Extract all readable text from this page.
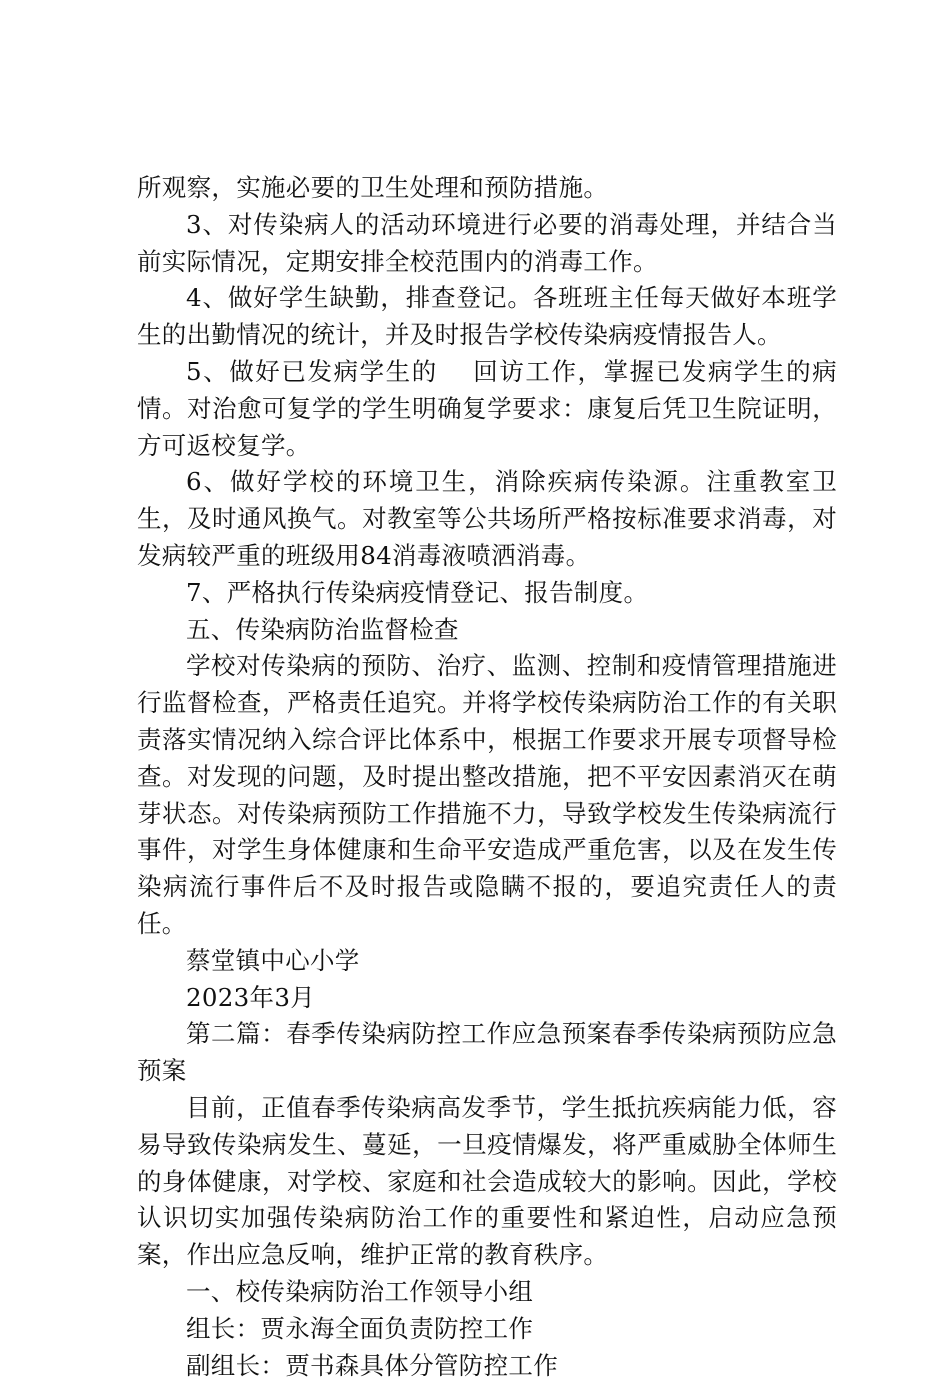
所观察，实施必要的卫生处理和预防措施。

3、对传染病人的活动环境进行必要的消毒处理，并结合当前实际情况，定期安排全校范围内的消毒工作。

4、做好学生缺勤，排查登记。各班班主任每天做好本班学生的出勤情况的统计，并及时报告学校传染病疫情报告人。

5、做好已发病学生的　 回访工作，掌握已发病学生的病情。对治愈可复学的学生明确复学要求：康复后凭卫生院证明，方可返校复学。

6、做好学校的环境卫生，消除疾病传染源。注重教室卫生，及时通风换气。对教室等公共场所严格按标准要求消毒，对发病较严重的班级用84消毒液喷洒消毒。

7、严格执行传染病疫情登记、报告制度。

五、传染病防治监督检查

学校对传染病的预防、治疗、监测、控制和疫情管理措施进行监督检查，严格责任追究。并将学校传染病防治工作的有关职责落实情况纳入综合评比体系中，根据工作要求开展专项督导检查。对发现的问题，及时提出整改措施，把不平安因素消灭在萌芽状态。对传染病预防工作措施不力，导致学校发生传染病流行事件，对学生身体健康和生命平安造成严重危害，以及在发生传染病流行事件后不及时报告或隐瞒不报的，要追究责任人的责任。

蔡堂镇中心小学

2023年3月

第二篇：春季传染病防控工作应急预案春季传染病预防应急预案

目前，正值春季传染病高发季节，学生抵抗疾病能力低，容易导致传染病发生、蔓延，一旦疫情爆发，将严重威胁全体师生的身体健康，对学校、家庭和社会造成较大的影响。因此，学校认识切实加强传染病防治工作的重要性和紧迫性，启动应急预案，作出应急反响，维护正常的教育秩序。

一、校传染病防治工作领导小组

组长：贾永海全面负责防控工作

副组长：贾书森具体分管防控工作
